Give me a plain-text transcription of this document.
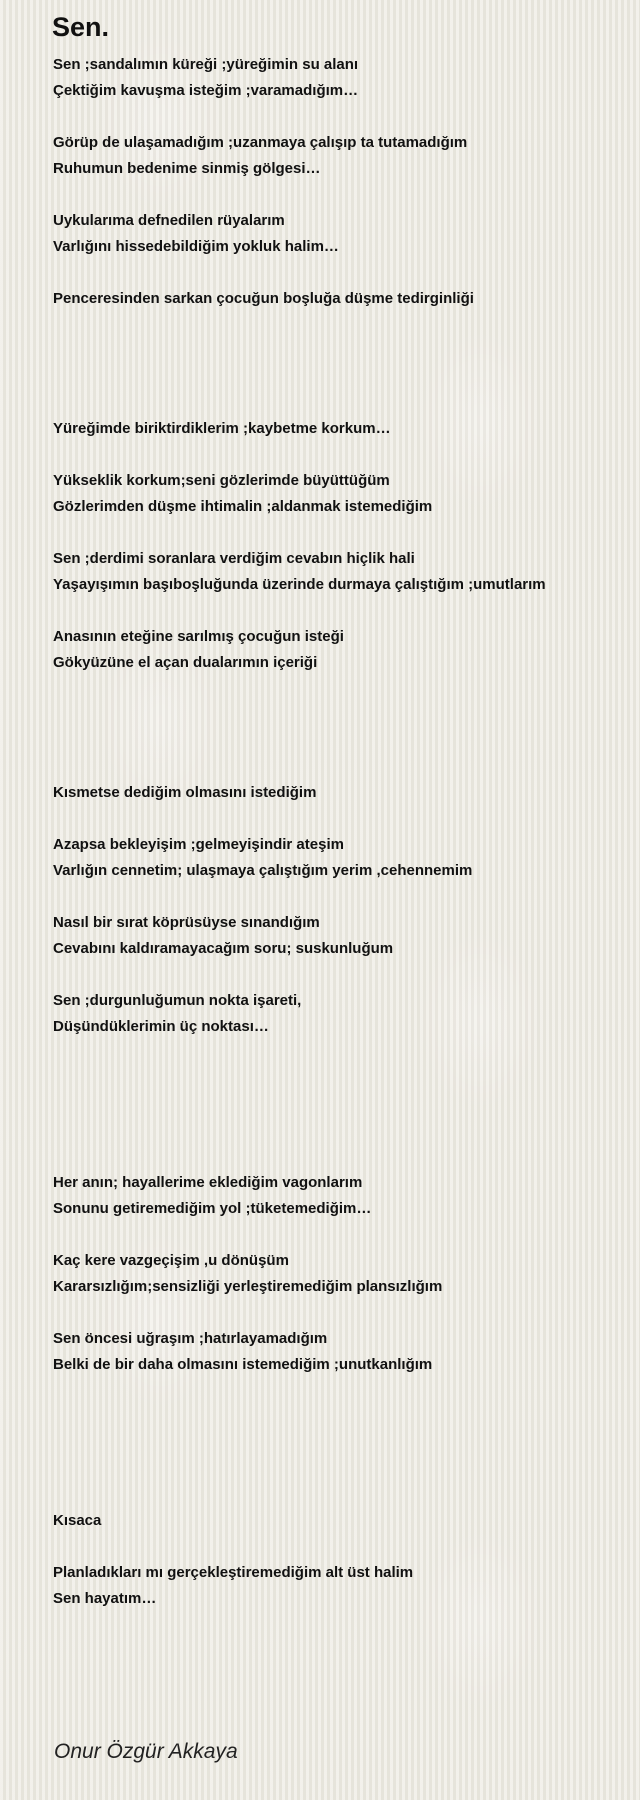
Sen.
Sen ;sandalımın küreği ;yüreğimin su alanı
Çektiğim kavuşma isteğim ;varamadığım…
Görüp de ulaşamadığım ;uzanmaya çalışıp ta tutamadığım
Ruhumun bedenime sinmiş gölgesi…
Uykularıma defnedilen rüyalarım
Varlığını hissedebildiğim yokluk halim…
Penceresinden sarkan çocuğun boşluğa düşme tedirginliği
Yüreğimde biriktirdiklerim ;kaybetme korkum…
Yükseklik korkum;seni gözlerimde büyüttüğüm
Gözlerimden düşme ihtimalin ;aldanmak istemediğim
Sen ;derdimi soranlara verdiğim cevabın hiçlik hali
Yaşayışımın başıboşluğunda üzerinde durmaya çalıştığım ;umutlarım
Anasının eteğine sarılmış çocuğun isteği
Gökyüzüne el açan dualarımın içeriği
Kısmetse dediğim olmasını istediğim
Azapsa bekleyişim ;gelmeyişindir ateşim
Varlığın cennetim; ulaşmaya çalıştığım yerim ,cehennemim
Nasıl bir sırat köprüsüyse sınandığım
Cevabını kaldıramayacağım soru; suskunluğum
Sen ;durgunluğumun nokta işareti,
Düşündüklerimin üç noktası…
Her anın; hayallerime eklediğim vagonlarım
Sonunu getiremediğim yol ;tüketemediğim…
Kaç kere vazgeçişim ,u dönüşüm
Kararsızlığım;sensizliği yerleştiremediğim plansızlığım
Sen öncesi uğraşım ;hatırlayamadığım
Belki de bir daha olmasını istemediğim ;unutkanlığım
Kısaca
Planladıkları mı gerçekleştiremediğim alt üst halim
Sen hayatım…
Onur Özgür Akkaya
